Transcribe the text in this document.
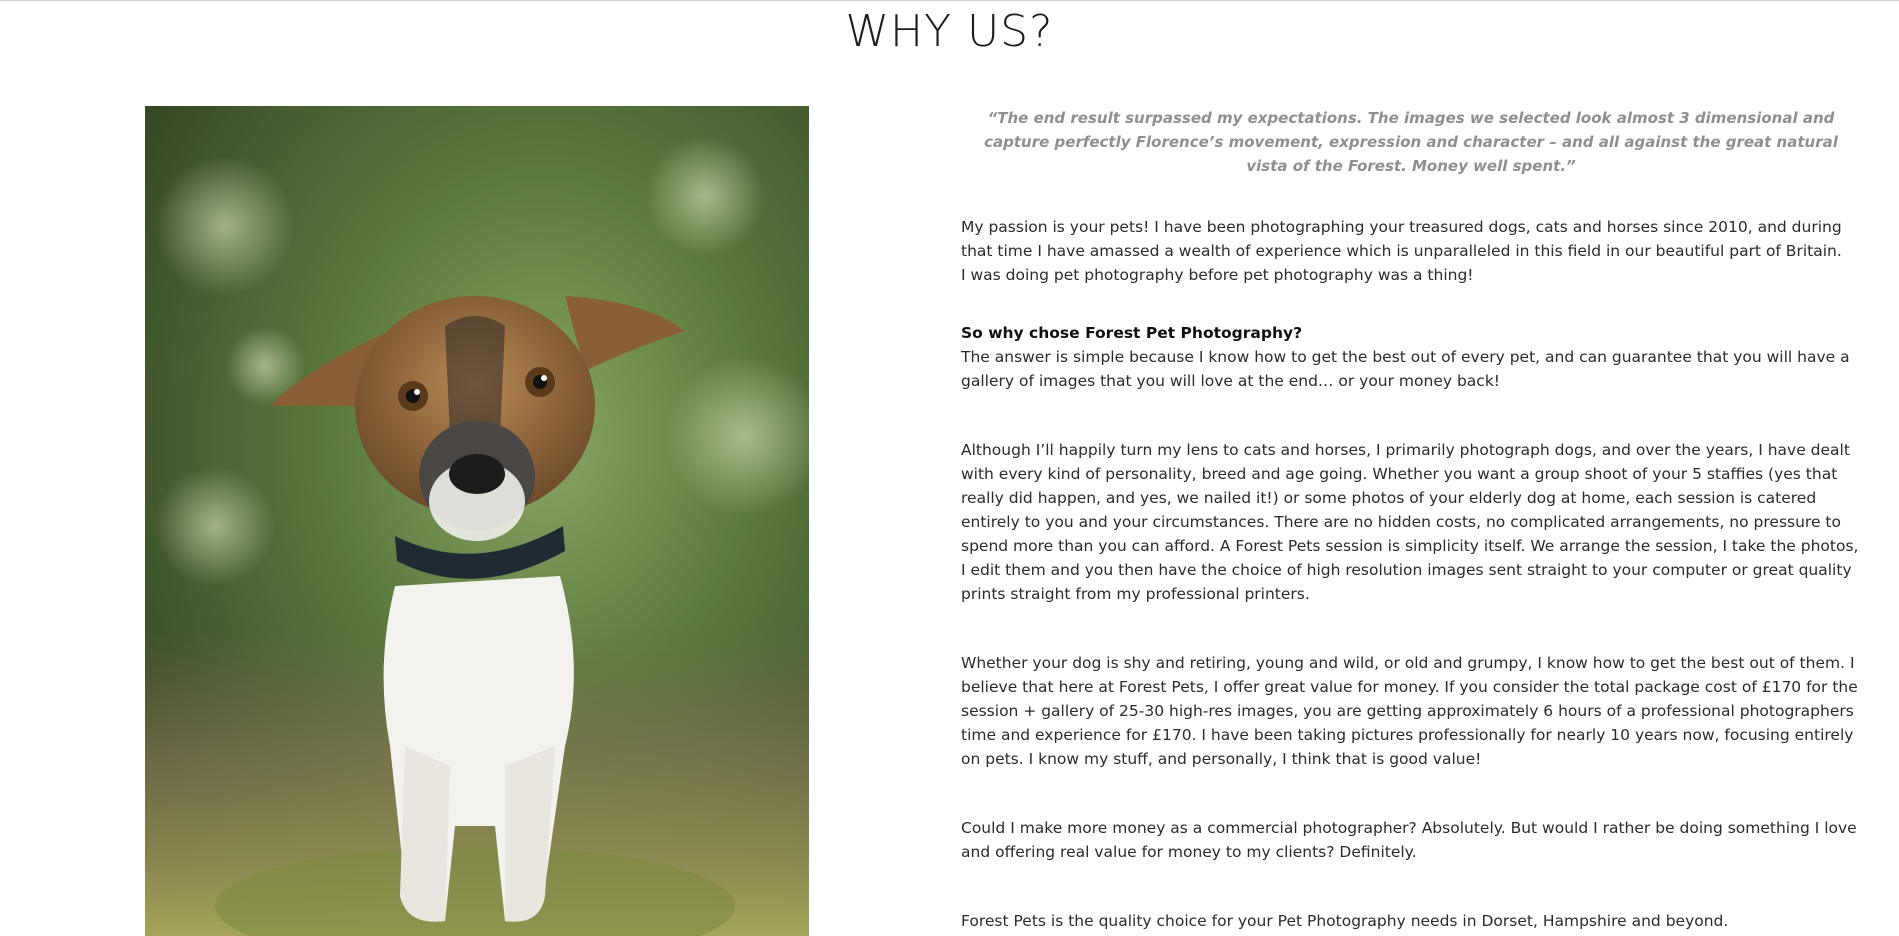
WHY US?

“The end result surpassed my expectations. The images we selected look almost 3 dimensional and capture perfectly Florence’s movement, expression and character – and all against the great natural vista of the Forest. Money well spent.”

My passion is your pets! I have been photographing your treasured dogs, cats and horses since 2010, and during that time I have amassed a wealth of experience which is unparalleled in this field in our beautiful part of Britain.

I was doing pet photography before pet photography was a thing!

So why chose Forest Pet Photography?

The answer is simple because I know how to get the best out of every pet, and can guarantee that you will have a gallery of images that you will love at the end… or your money back!

Although I’ll happily turn my lens to cats and horses, I primarily photograph dogs, and over the years, I have dealt with every kind of personality, breed and age going. Whether you want a group shoot of your 5 staffies (yes that really did happen, and yes, we nailed it!) or some photos of your elderly dog at home, each session is catered entirely to you and your circumstances. There are no hidden costs, no complicated arrangements, no pressure to spend more than you can afford. A Forest Pets session is simplicity itself. We arrange the session, I take the photos, I edit them and you then have the choice of high resolution images sent straight to your computer or great quality prints straight from my professional printers.

Whether your dog is shy and retiring, young and wild, or old and grumpy, I know how to get the best out of them. I believe that here at Forest Pets, I offer great value for money. If you consider the total package cost of £170 for the session + gallery of 25-30 high-res images, you are getting approximately 6 hours of a professional photographers time and experience for £170. I have been taking pictures professionally for nearly 10 years now, focusing entirely on pets. I know my stuff, and personally, I think that is good value!

Could I make more money as a commercial photographer? Absolutely. But would I rather be doing something I love and offering real value for money to my clients? Definitely.

Forest Pets is the quality choice for your Pet Photography needs in Dorset, Hampshire and beyond.
